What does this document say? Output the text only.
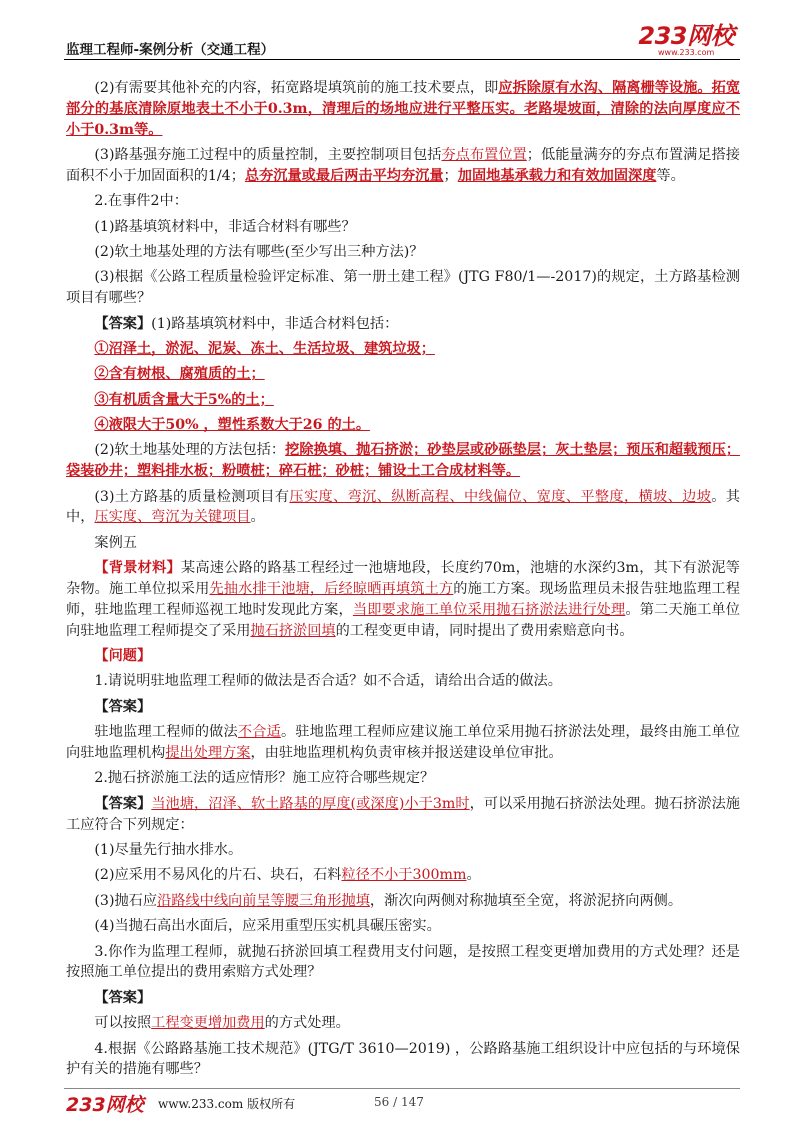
监理工程师-案例分析（交通工程）	233网校
www.233.com

(2)有需要其他补充的内容，拓宽路堤填筑前的施工技术要点，即应拆除原有水沟、隔离栅等设施。拓宽部分的基底清除原地表土不小于0.3m，清理后的场地应进行平整压实。老路堤坡面，清除的法向厚度应不小于0.3m等。

(3)路基强夯施工过程中的质量控制，主要控制项目包括夯点布置位置；低能量满夯的夯点布置满足搭接面积不小于加固面积的1/4；总夯沉量或最后两击平均夯沉量；加固地基承载力和有效加固深度等。

2.在事件2中：

(1)路基填筑材料中，非适合材料有哪些？

(2)软土地基处理的方法有哪些(至少写出三种方法)？

(3)根据《公路工程质量检验评定标准、第一册土建工程》(JTG F80/1—-2017)的规定，土方路基检测项目有哪些？

【答案】(1)路基填筑材料中，非适合材料包括：

①沼泽土，淤泥、泥炭、冻土、生活垃圾、建筑垃圾；

②含有树根、腐殖质的土；

③有机质含量大于5%的土；

④液限大于50% ，塑性系数大于26 的土。

(2)软土地基处理的方法包括：挖除换填、抛石挤淤；砂垫层或砂砾垫层；灰土垫层；预压和超载预压；袋装砂井；塑料排水板；粉喷桩；碎石桩；砂桩；铺设土工合成材料等。

(3)土方路基的质量检测项目有压实度、弯沉、纵断高程、中线偏位、宽度、平整度，横坡、边坡。其中，压实度、弯沉为关键项目。

案例五

【背景材料】某高速公路的路基工程经过一池塘地段，长度约70m，池塘的水深约3m，其下有淤泥等杂物。施工单位拟采用先抽水排干池塘，后经晾晒再填筑土方的施工方案。现场监理员未报告驻地监理工程师，驻地监理工程师巡视工地时发现此方案，当即要求施工单位采用抛石挤淤法进行处理。第二天施工单位向驻地监理工程师提交了采用抛石挤淤回填的工程变更申请，同时提出了费用索赔意向书。

【问题】

1.请说明驻地监理工程师的做法是否合适？如不合适，请给出合适的做法。

【答案】

驻地监理工程师的做法不合适。驻地监理工程师应建议施工单位采用抛石挤淤法处理，最终由施工单位向驻地监理机构提出处理方案，由驻地监理机构负责审核并报送建设单位审批。

2.抛石挤淤施工法的适应情形？施工应符合哪些规定？

【答案】当池塘，沼泽、软土路基的厚度(或深度)小于3m时，可以采用抛石挤淤法处理。抛石挤淤法施工应符合下列规定：

(1)尽量先行抽水排水。

(2)应采用不易风化的片石、块石，石料粒径不小于300mm。

(3)抛石应沿路线中线向前呈等腰三角形抛填，渐次向两侧对称抛填至全宽，将淤泥挤向两侧。

(4)当抛石高出水面后，应采用重型压实机具碾压密实。

3.你作为监理工程师，就抛石挤淤回填工程费用支付问题，是按照工程变更增加费用的方式处理？还是按照施工单位提出的费用索赔方式处理？

【答案】

可以按照工程变更增加费用的方式处理。

4.根据《公路路基施工技术规范》(JTG/T 3610—2019) ，公路路基施工组织设计中应包括的与环境保护有关的措施有哪些？

233网校 www.233.com 版权所有	56 / 147
